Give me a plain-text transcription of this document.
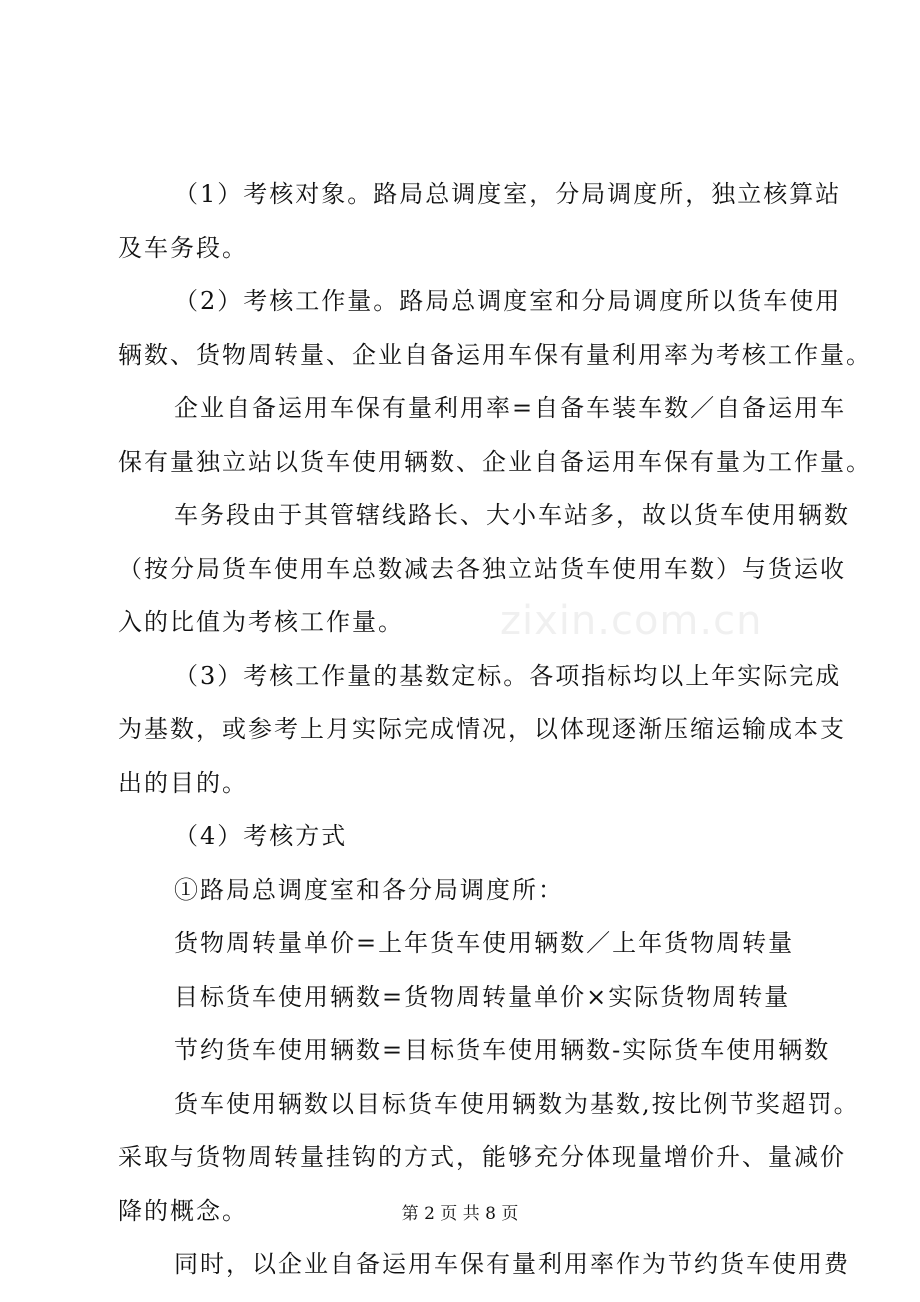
zixin.com.cn
（1）考核对象。路局总调度室，分局调度所，独立核算站
及车务段。
（2）考核工作量。路局总调度室和分局调度所以货车使用
辆数、货物周转量、企业自备运用车保有量利用率为考核工作量。
企业自备运用车保有量利用率=自备车装车数／自备运用车
保有量独立站以货车使用辆数、企业自备运用车保有量为工作量。
车务段由于其管辖线路长、大小车站多，故以货车使用辆数
（按分局货车使用车总数减去各独立站货车使用车数）与货运收
入的比值为考核工作量。
（3）考核工作量的基数定标。各项指标均以上年实际完成
为基数，或参考上月实际完成情况，以体现逐渐压缩运输成本支
出的目的。
（4）考核方式
①路局总调度室和各分局调度所：
货物周转量单价=上年货车使用辆数／上年货物周转量
目标货车使用辆数=货物周转量单价×实际货物周转量
节约货车使用辆数=目标货车使用辆数-实际货车使用辆数
货车使用辆数以目标货车使用辆数为基数,按比例节奖超罚。
采取与货物周转量挂钩的方式，能够充分体现量增价升、量减价
降的概念。
同时，以企业自备运用车保有量利用率作为节约货车使用费
第 2 页 共 8 页
